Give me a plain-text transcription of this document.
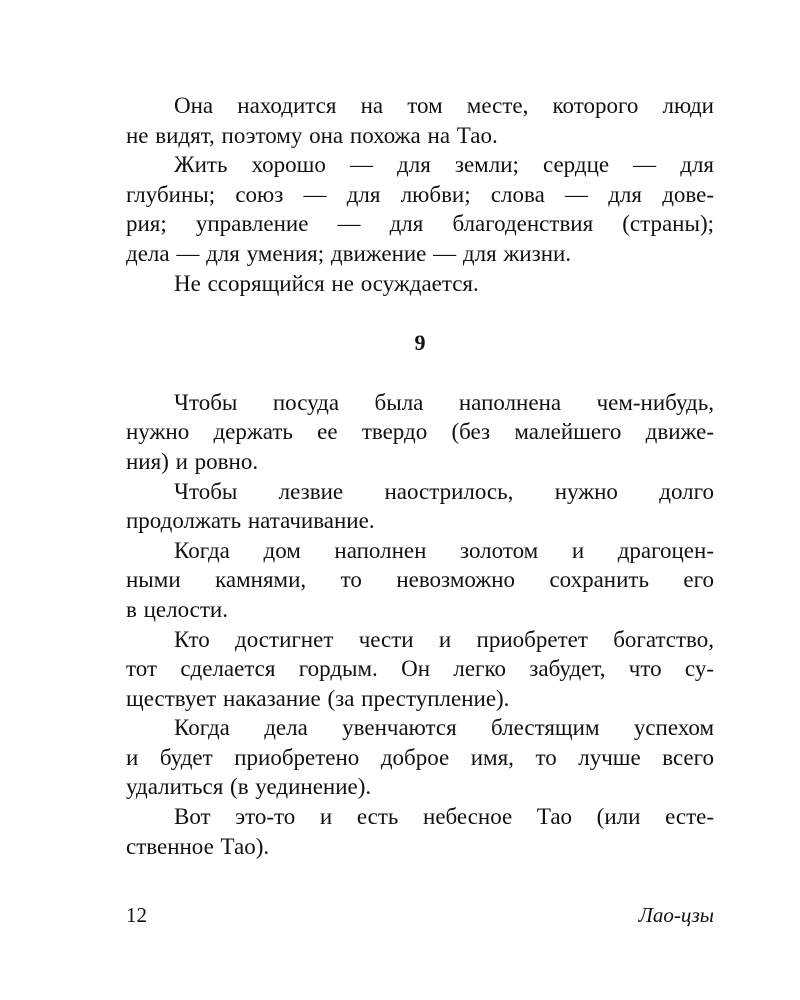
Она находится на том месте, которого люди
не видят, поэтому она похожа на Тао.
Жить хорошо — для земли; сердце — для
глубины; союз — для любви; слова — для дове-
рия; управление — для благоденствия (страны);
дела — для умения; движение — для жизни.
Не ссорящийся не осуждается.
9
Чтобы посуда была наполнена чем-нибудь,
нужно держать ее твердо (без малейшего движе-
ния) и ровно.
Чтобы лезвие наострилось, нужно долго
продолжать натачивание.
Когда дом наполнен золотом и драгоцен-
ными камнями, то невозможно сохранить его
в целости.
Кто достигнет чести и приобретет богатство,
тот сделается гордым. Он легко забудет, что су-
ществует наказание (за преступление).
Когда дела увенчаются блестящим успехом
и будет приобретено доброе имя, то лучше всего
удалиться (в уединение).
Вот это-то и есть небесное Тао (или есте-
ственное Тао).
12	Лао-цзы
